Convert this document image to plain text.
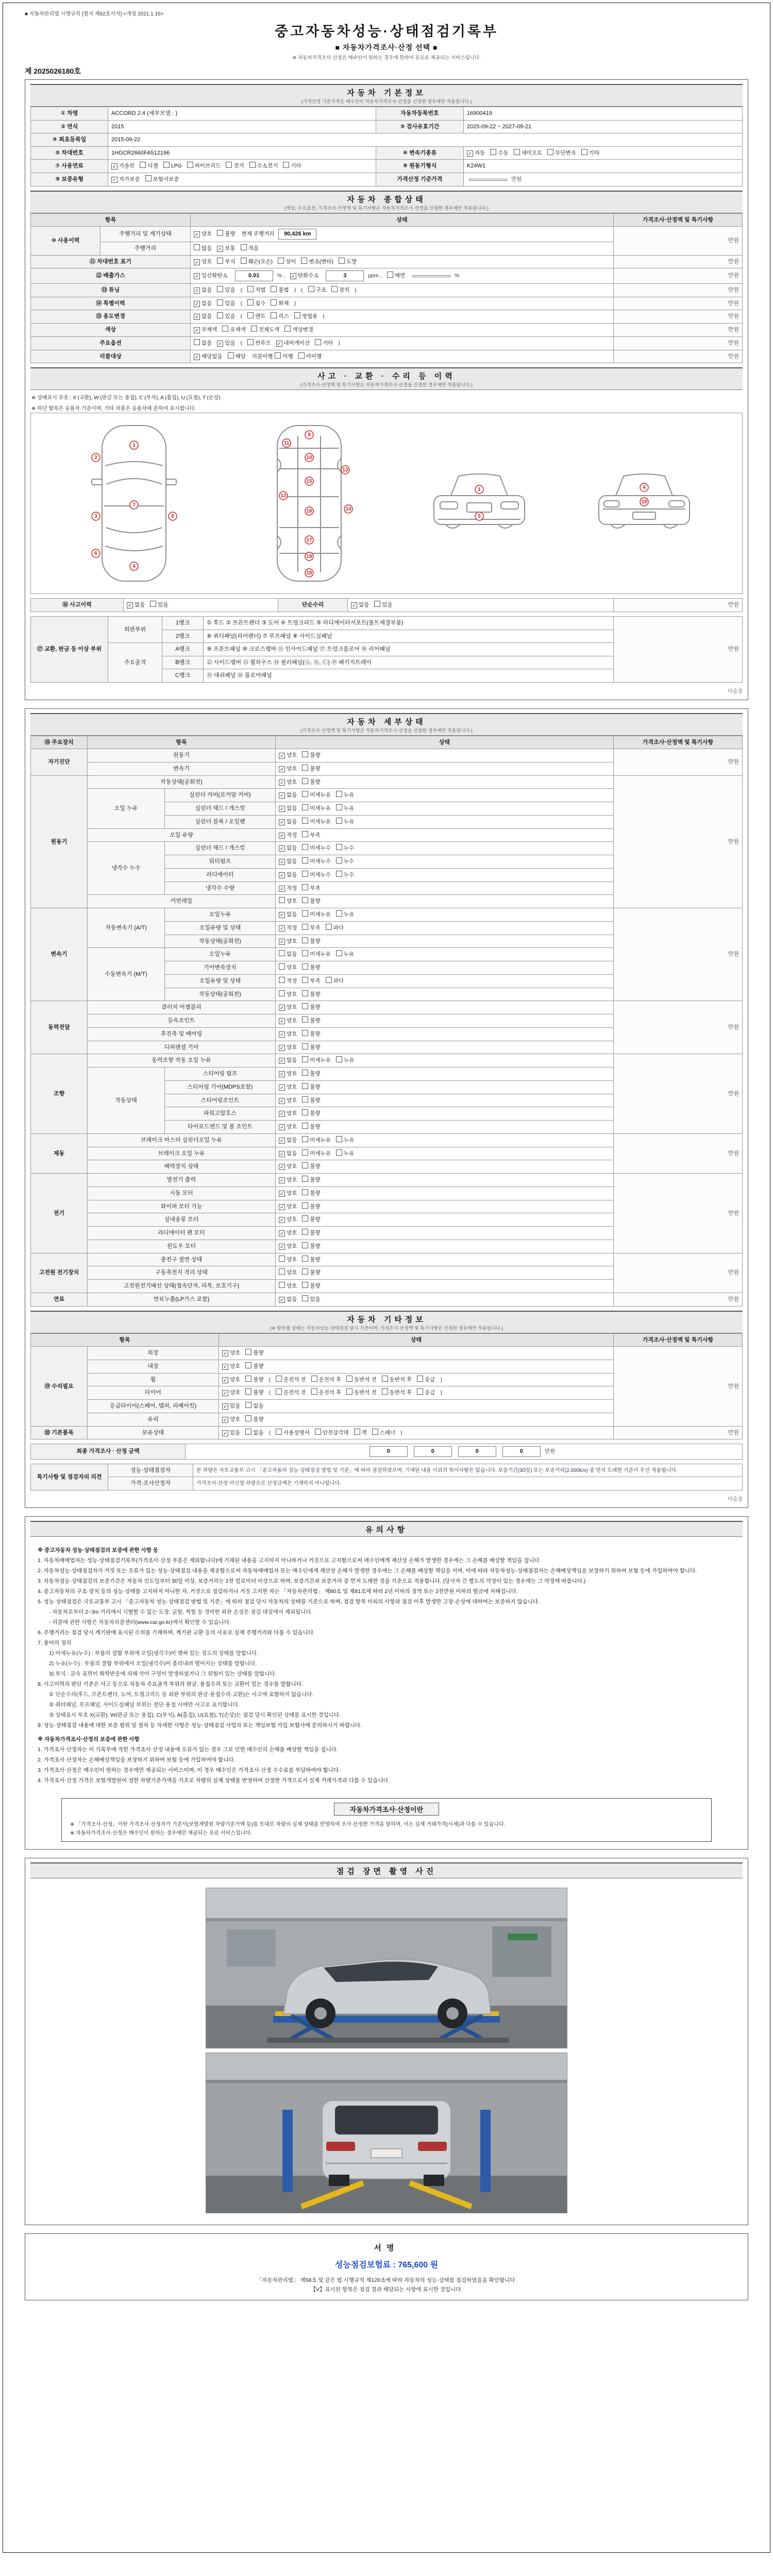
■ 자동차관리법 시행규칙 [별지 제82호서식] <개정 2021.1.16>
중고자동차성능·상태점검기록부
■ 자동차가격조사·산정 선택 ■
※ 자동차가격조사·산정은 매수인이 원하는 경우에 한하여 유료로 제공되는 서비스입니다.
제 2025026180호
자동차 기본정보
(가격산정 기준가격은 매수인이 자동차가격조사·산정을 신청한 경우에만 적용됩니다.)
① 차명	ACCORD 2.4 (세부모델 : )	자동차등록번호	16900419
② 연식	2015	③ 검사유효기간	2025-09-22 ~ 2027-09-21
④ 최초등록일	2015-09-22		
⑤ 차대번호	1HGCR2660FA512196	⑥ 변속기종류	✓ 자동 수동 세미오토 무단변속 기타
⑦ 사용연료	✓ 가솔린 디젤 LPG 하이브리드 전기 수소전기 기타	⑧ 원동기형식	K24W1
⑨ 보증유형	✓ 자가보증 보험사보증	가격산정 기준가격	만원
자동차 종합상태
(색상, 주요옵션, 가격조사·산정액 및 특기사항은 자동차가격조사·산정을 신청한 경우에만 적용됩니다.)
항목		상태	가격조사·산정액 및 특기사항
⑩ 사용이력	주행거리 및 계기상태	✓ 양호 불량 현재 주행거리 90,426 km	만원
	주행거리	많음 ✓ 보통 적음	
⑪ 차대번호 표기		✓ 양호 부식 훼손(오손) 상이 변조(변타) 도말	만원
⑫ 배출가스		✓ 일산화탄소 0.01 % , ✓ 탄화수소 3 ppm , 매연 %	만원
⑬ 튜닝		✓ 없음 있음 ( 적법 불법 ) ( 구조 장치 )	만원
⑭ 특별이력		✓ 없음 있음 ( 침수 화재 )	만원
⑮ 용도변경		✓ 없음 있음 ( 렌트 리스 영업용 )	만원
색상		✓ 무채색 유채색 전체도색 색상변경	만원
주요옵션		없음 ✓ 있음 ( 썬루프 ✓ 네비게이션 기타 )	만원
리콜대상		✓ 해당없음 해당 리콜이행 이행 미이행	만원
사고 · 교환 · 수리 등 이력
(가격조사·산정액 및 특기사항은 자동차가격조사·산정을 신청한 경우에만 적용됩니다.)
※ 상태표시 부호 : X (교환), W (판금 또는 용접), C (부식), A (흠집), U (요철), T (손상)
※ 하단 항목은 승용차 기준이며, 기타 차종은 승용차에 준하여 표시합니다.
1
2
3
4
6
7
8
9
10
11
12
13
14
15
16
17
18
19
1
5
4
18
⑯ 사고이력	✓ 없음 있음	단순수리	✓ 없음 있음	만원
⑰ 교환, 판금 등 이상 부위	외판부위	1랭크	① 후드 ② 프론트펜더 ③ 도어 ④ 트렁크리드 ⑤ 라디에이터서포트(볼트체결부품)	만원
		2랭크	⑥ 쿼터패널(리어펜더) ⑦ 루프패널 ⑧ 사이드실패널	
	주요골격	A랭크	⑨ 프론트패널 ⑩ 크로스멤버 ⑪ 인사이드패널 ⑰ 트렁크플로어 ⑱ 리어패널	
		B랭크	⑫ 사이드멤버 ⑬ 휠하우스 ⑭ 필러패널(Ⓐ, Ⓑ, Ⓒ) ⑲ 패키지트레이	
		C랭크	⑮ 대쉬패널 ⑯ 플로어패널	
다음장
자동차 세부상태
(가격조사·산정액 및 특기사항은 자동차가격조사·산정을 신청한 경우에만 적용됩니다.)
⑱ 주요장치	항목		상태	가격조사·산정액 및 특기사항
자기진단	원동기		✓ 양호 불량	만원
	변속기		✓ 양호 불량	
원동기	작동상태(공회전)		✓ 양호 불량	만원
	오일 누유	실린더 커버(로커암 커버)	✓ 없음 미세누유 누유	
		실린더 헤드 / 개스킷	✓ 없음 미세누유 누유	
		실린더 블록 / 오일팬	✓ 없음 미세누유 누유	
	오일 유량		✓ 적정 부족	
	냉각수 누수	실린더 헤드 / 개스킷	✓ 없음 미세누수 누수	
		워터펌프	✓ 없음 미세누수 누수	
		라디에이터	✓ 없음 미세누수 누수	
		냉각수 수량	✓ 적정 부족	
	커먼레일		양호 불량	
변속기	자동변속기 (A/T)	오일누유	✓ 없음 미세누유 누유	만원
		오일유량 및 상태	✓ 적정 부족 과다	
		작동상태(공회전)	✓ 양호 불량	
	수동변속기 (M/T)	오일누유	없음 미세누유 누유	
		기어변속장치	양호 불량	
		오일유량 및 상태	적정 부족 과다	
		작동상태(공회전)	양호 불량	
동력전달	클러치 어셈블리		✓ 양호 불량	만원
	등속조인트		✓ 양호 불량	
	추진축 및 베어링		✓ 양호 불량	
	디퍼렌셜 기어		✓ 양호 불량	
조향	동력조향 작동 오일 누유		✓ 없음 미세누유 누유	만원
	작동상태	스티어링 펌프	✓ 양호 불량	
		스티어링 기어(MDPS포함)	✓ 양호 불량	
		스티어링조인트	✓ 양호 불량	
		파워고압호스	✓ 양호 불량	
		타이로드엔드 및 볼 조인트	✓ 양호 불량	
제동	브레이크 마스터 실린더오일 누유		✓ 없음 미세누유 누유	만원
	브레이크 오일 누유		✓ 없음 미세누유 누유	
	배력장치 상태		✓ 양호 불량	
전기	발전기 출력		✓ 양호 불량	만원
	시동 모터		✓ 양호 불량	
	와이퍼 모터 기능		✓ 양호 불량	
	실내송풍 모터		✓ 양호 불량	
	라디에이터 팬 모터		✓ 양호 불량	
	윈도우 모터		✓ 양호 불량	
고전원 전기장치	충전구 절연 상태		양호 불량	만원
	구동축전지 격리 상태		양호 불량	
	고전원전기배선 상태(접속단자, 피복, 보호기구)		양호 불량	
연료	연료누출(LP가스 포함)		✓ 없음 있음	만원
자동차 기타정보
(※ 항목별 상태는 자동차성능·상태점검 당시 기준이며, 가격조사·산정액 및 특기사항은 신청한 경우에만 적용됩니다.)
항목		상태	가격조사·산정액 및 특기사항
⑲ 수리필요	외장	✓ 양호 불량	만원
	내장	✓ 양호 불량	
	휠	✓ 양호 불량 ( 운전석 전 운전석 후 동반석 전 동반석 후 응급 )	
	타이어	✓ 양호 불량 ( 운전석 전 운전석 후 동반석 전 동반석 후 응급 )	
	응급타이어(스페어, 템퍼, 리페어킷)	✓ 있음 없음	
	유리	✓ 양호 불량	
⑳ 기본품목	보유상태	✓ 있음 없음 ( 사용설명서 안전삼각대 잭 스패너 )	만원
최종 가격조사 · 산정 금액	0	0	0	0	만원
특기사항 및 점검자의 의견	성능·상태점검자	본 차량은 국토교통부 고시 「중고자동차 성능·상태점검 방법 및 기준」에 따라 점검하였으며, 기재된 내용 이외의 특이사항은 없습니다. 보증기간(30일) 또는 보증거리(2,000km) 중 먼저 도래한 기준이 우선 적용됩니다.
	가격·조사산정자	가격조사·산정 미신청 차량으로 산정금액은 기재하지 아니합니다.
다음장
유의사항
※ 중고자동차 성능·상태점검의 보증에 관한 사항 등
1. 자동차매매업자는 성능·상태점검기록부(가격조사·산정 부분은 제외합니다)에 기재된 내용을 고지하지 아니하거나 거짓으로 고지함으로써 매수인에게 재산상 손해가 발생한 경우에는 그 손해를 배상할 책임을 집니다.
2. 자동차성능·상태점검자가 거짓 또는 오류가 있는 성능·상태점검 내용을 제공함으로써 자동차매매업자 또는 매수인에게 재산상 손해가 발생한 경우에는 그 손해를 배상할 책임을 지며, 이에 따라 자동차성능·상태점검자는 손해배상책임을 보장하기 위하여 보험 등에 가입하여야 합니다.
3. 자동차성능·상태점검의 보증기간은 자동차 인도일부터 30일 이상, 보증거리는 2천 킬로미터 이상으로 하며, 보증기간과 보증거리 중 먼저 도래한 것을 기준으로 적용합니다. (당사자 간 별도의 약정이 있는 경우에는 그 약정에 따릅니다.)
4. 중고자동차의 구조·장치 등의 성능·상태를 고지하지 아니한 자, 거짓으로 점검하거나 거짓 고지한 자는 「자동차관리법」 제80조 및 제81조에 따라 2년 이하의 징역 또는 2천만원 이하의 벌금에 처해집니다.
5. 성능·상태점검은 국토교통부 고시 「중고자동차 성능·상태점검 방법 및 기준」에 따라 점검 당시 자동차의 상태를 기준으로 하며, 점검 항목 이외의 사항과 점검 이후 발생한 고장·손상에 대하여는 보증하지 않습니다.
- 자동차로부터 2~3m 거리에서 식별할 수 없는 도장, 긁힘, 찍힘 등 경미한 외관 손상은 점검 대상에서 제외됩니다.
- 리콜에 관한 사항은 자동차리콜센터(www.car.go.kr)에서 확인할 수 있습니다.
6. 주행거리는 점검 당시 계기판에 표시된 수치를 기재하며, 계기판 교환 등의 사유로 실제 주행거리와 다를 수 있습니다.
7. 용어의 정의
1) 미세누유(누수) : 부품의 결합 부위에 오일(냉각수)이 맺혀 있는 정도의 상태를 말합니다.
2) 누유(누수) : 부품의 결합 부위에서 오일(냉각수)이 흘러내려 떨어지는 상태를 말합니다.
3) 부식 : 금속 표면이 화학반응에 의해 삭아 구멍이 발생하였거나 그 위험이 있는 상태를 말합니다.
8. 사고이력의 판단 기준은 사고 등으로 자동차 주요골격 부위의 판금, 용접수리 또는 교환이 있는 경우를 말합니다.
① 단순수리(후드, 프론트펜더, 도어, 트렁크리드 등 외판 부위의 판금·용접수리·교환)는 사고에 포함하지 않습니다.
② 쿼터패널, 루프패널, 사이드실패널 부위는 절단·용접 시에만 사고로 표기합니다.
③ 상태표시 부호 X(교환), W(판금 또는 용접), C(부식), A(흠집), U(요철), T(손상)는 점검 당시 확인된 상태를 표시한 것입니다.
9. 성능·상태점검 내용에 대한 보증 범위 및 절차 등 자세한 사항은 성능·상태점검 사업자 또는 책임보험 가입 보험사에 문의하시기 바랍니다.
※ 자동차가격조사·산정의 보증에 관한 사항
1. 가격조사·산정자는 이 기록부에 적힌 가격조사·산정 내용에 오류가 있는 경우 그로 인한 매수인의 손해를 배상할 책임을 집니다.
2. 가격조사·산정자는 손해배상책임을 보장하기 위하여 보험 등에 가입하여야 합니다.
3. 가격조사·산정은 매수인이 원하는 경우에만 제공되는 서비스이며, 이 경우 매수인은 가격조사·산정 수수료를 부담하여야 합니다.
4. 가격조사·산정 가격은 보험개발원이 정한 차량기준가액을 기초로 차량의 실제 상태를 반영하여 산정한 가격으로서 실제 거래가격과 다를 수 있습니다.
자동차가격조사·산정이란
※ 「가격조사·산정」이란 가격조사·산정자가 기준서(보험개발원 차량기준가액 등)를 토대로 차량의 실제 상태를 반영하여 조사·산정한 가격을 말하며, 이는 실제 거래가격(시세)과 다를 수 있습니다.
※ 자동차가격조사·산정은 매수인이 원하는 경우에만 제공되는 유료 서비스입니다.
점검 장면 촬영 사진
서명
성능점검보험료 : 765,600 원
「자동차관리법」 제58조 및 같은 법 시행규칙 제120조에 따라 자동차의 성능·상태를 점검하였음을 확인합니다.
【V】표시된 항목은 점검 결과 해당되는 사항에 표시한 것입니다.
